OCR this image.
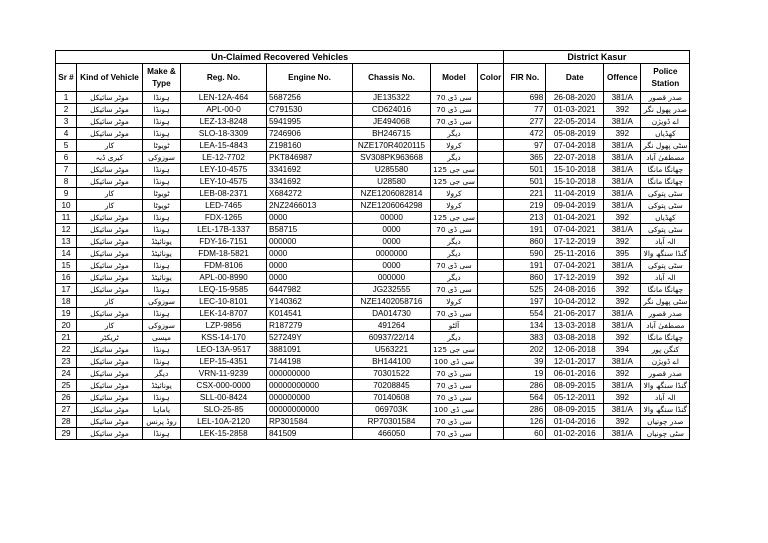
Un-Claimed Recovered Vehicles								District Kasur			
Sr #	Kind of Vehicle	Make & Type	Reg. No.	Engine No.	Chassis No.	Model	Color	FIR No.	Date	Offence	Police Station
1	موٹر سائیکل	ہونڈا	LEN-12A-464	5687256	JE135322	سی ڈی 70		698	26-08-2020	381/A	صدر قصور
2	موٹر سائیکل	ہونڈا	APL-00-0	C791530	CD624016	سی ڈی 70		77	01-03-2021	392	صدر پھول نگر
3	موٹر سائیکل	ہونڈا	LEZ-13-8248	5941995	JE494068	سی ڈی 70		277	22-05-2014	381/A	اے ڈویژن
4	موٹر سائیکل	ہونڈا	SLO-18-3309	7246906	BH246715	دیگر		472	05-08-2019	392	کھڈیاں
5	کار	ٹویوٹا	LEA-15-4843	Z198160	NZE170R4020115	کرولا		97	07-04-2018	381/A	سٹی پھول نگر
6	کیری ڈبہ	سوزوکی	LE-12-7702	PKT846987	SV308PK963668	دیگر		365	22-07-2018	381/A	مصطفیٰ آباد
7	موٹر سائیکل	ہونڈا	LEY-10-4575	3341692	U285580	سی جی 125		501	15-10-2018	381/A	چھانگا مانگا
8	موٹر سائیکل	ہونڈا	LEY-10-4575	3341692	U28580	سی جی 125		501	15-10-2018	381/A	چھانگا مانگا
9	کار	ٹویوٹا	LEB-08-2371	X684272	NZE1206082814	کرولا		221	11-04-2019	381/A	سٹی پتوکی
10	کار	ٹویوٹا	LED-7465	2NZ2466013	NZE1206064298	کرولا		219	09-04-2019	381/A	سٹی پتوکی
11	موٹر سائیکل	ہونڈا	FDX-1265	0000	00000	سی جی 125		213	01-04-2021	392	کھڈیاں
12	موٹر سائیکل	ہونڈا	LEL-17B-1337	B58715	0000	سی ڈی 70		191	07-04-2021	381/A	سٹی پتوکی
13	موٹر سائیکل	یونائیٹڈ	FDY-16-7151	000000	0000	دیگر		860	17-12-2019	392	الہ آباد
14	موٹر سائیکل	یونائیٹڈ	FDM-18-5821	0000	0000000	دیگر		590	25-11-2016	395	گنڈا سنگھ والا
15	موٹر سائیکل	ہونڈا	FDM-8106	0000	0000	سی ڈی 70		191	07-04-2021	381/A	سٹی پتوکی
16	موٹر سائیکل	یونائیٹڈ	APL-00-8990	0000	000000	دیگر		860	17-12-2019	392	الہ آباد
17	موٹر سائیکل	ہونڈا	LEQ-15-9585	6447982	JG232555	سی ڈی 70		525	24-08-2016	392	چھانگا مانگا
18	کار	سوزوکی	LEC-10-8101	Y140362	NZE1402058716	کرولا		197	10-04-2012	392	سٹی پھول نگر
19	موٹر سائیکل	ہونڈا	LEK-14-8707	K014541	DA014730	سی ڈی 70		554	21-06-2017	381/A	صدر قصور
20	کار	سوزوکی	LZP-9856	R187279	491264	آلٹو		134	13-03-2018	381/A	مصطفیٰ آباد
21	ٹریکٹر	میسی	KSS-14-170	527249Y	60937/22/14	دیگر		383	03-08-2018	392	چھانگا مانگا
22	موٹر سائیکل	ہونڈا	LEO-13A-9517	3881091	U563221	سی جی 125		202	12-06-2018	394	کنگن پور
23	موٹر سائیکل	ہونڈا	LEP-15-4351	7144198	BH144100	سی ڈی 100		39	12-01-2017	381/A	اے ڈویژن
24	موٹر سائیکل	دیگر	VRN-11-9239	000000000	70301522	سی ڈی 70		19	06-01-2016	392	صدر قصور
25	موٹر سائیکل	یونائیٹڈ	CSX-000-0000	00000000000	70208845	سی ڈی 70		286	08-09-2015	381/A	گنڈا سنگھ والا
26	موٹر سائیکل	ہونڈا	SLL-00-8424	000000000	70140608	سی ڈی 70		564	05-12-2011	392	الہ آباد
27	موٹر سائیکل	یاماہا	SLO-25-85	00000000000	069703K	سی ڈی 100		286	08-09-2015	381/A	گنڈا سنگھ والا
28	موٹر سائیکل	روڈ پرنس	LEL-10A-2120	RP301584	RP70301584	سی ڈی 70		126	01-04-2016	392	صدر چونیاں
29	موٹر سائیکل	ہونڈا	LEK-15-2858	841509	466050	سی ڈی 70		60	01-02-2016	381/A	سٹی چونیاں
